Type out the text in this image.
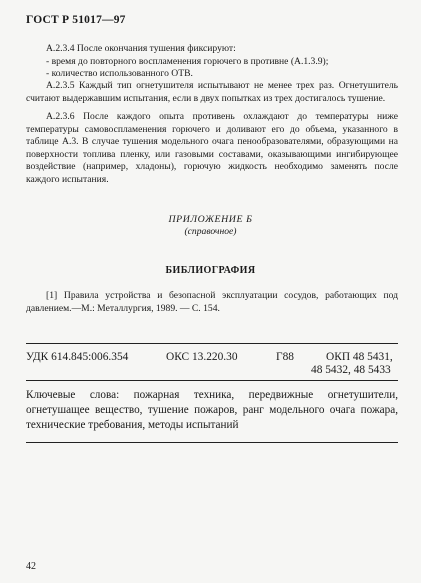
ГОСТ Р 51017—97
А.2.3.4 После окончания тушения фиксируют:
- время до повторного воспламенения горючего в противне (А.1.3.9);
- количество использованного ОТВ.
А.2.3.5 Каждый тип огнетушителя испытывают не менее трех раз. Огнетушитель считают выдержавшим испытания, если в двух попытках из трех достигалось тушение.
А.2.3.6 После каждого опыта противень охлаждают до температуры ниже температуры самовоспламенения горючего и доливают его до объема, указанного в таблице А.3. В случае тушения модельного очага пенообразователями, образующими на поверхности топлива пленку, или газовыми составами, оказывающими ингибирующее воздействие (например, хладоны), горючую жидкость необходимо заменять после каждого испытания.
ПРИЛОЖЕНИЕ Б
(справочное)
БИБЛИОГРАФИЯ
[1] Правила устройства и безопасной эксплуатации сосудов, работающих под давлением.—М.: Металлургия, 1989. — С. 154.
УДК 614.845:006.354	ОКС 13.220.30	Г88	ОКП 48 5431,
48 5432, 48 5433
Ключевые слова: пожарная техника, передвижные огнетушители, огнетушащее вещество, тушение пожаров, ранг модельного очага пожара, технические требования, методы испытаний
42
